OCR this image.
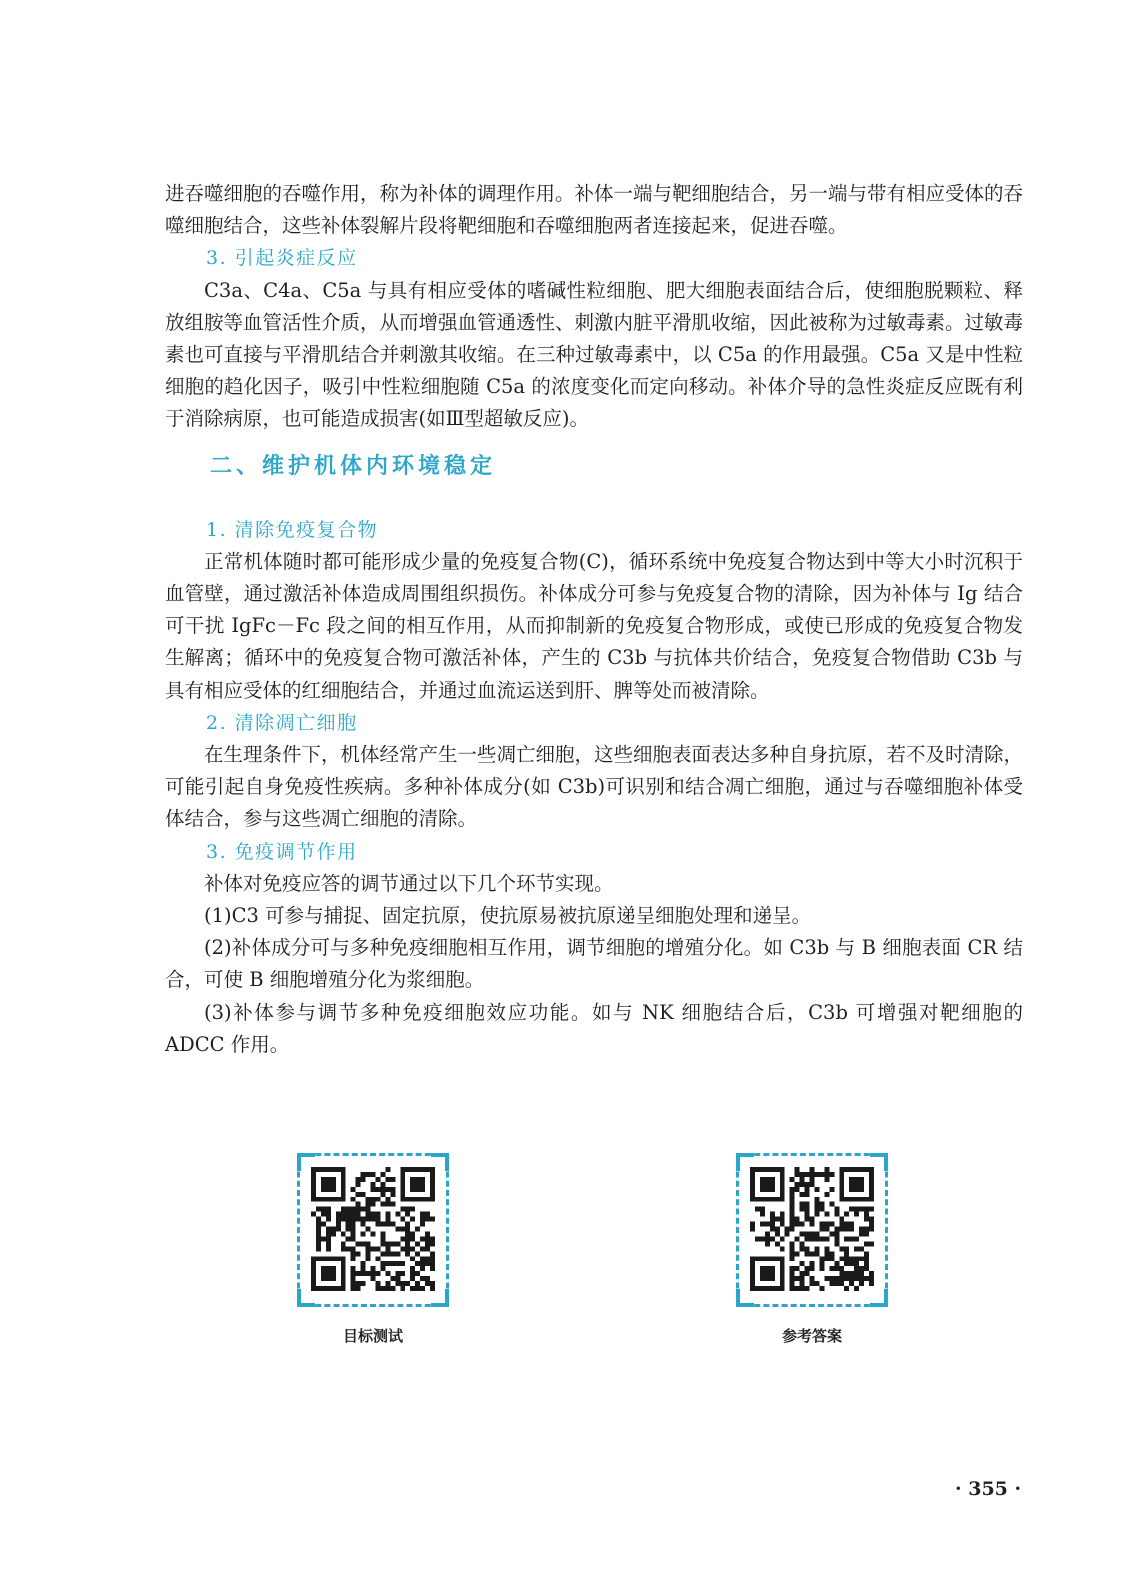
进吞噬细胞的吞噬作用，称为补体的调理作用。补体一端与靶细胞结合，另一端与带有相应受体的吞噬细胞结合，这些补体裂解片段将靶细胞和吞噬细胞两者连接起来，促进吞噬。

3. 引起炎症反应

C3a、C4a、C5a 与具有相应受体的嗜碱性粒细胞、肥大细胞表面结合后，使细胞脱颗粒、释放组胺等血管活性介质，从而增强血管通透性、刺激内脏平滑肌收缩，因此被称为过敏毒素。过敏毒素也可直接与平滑肌结合并刺激其收缩。在三种过敏毒素中，以 C5a 的作用最强。C5a 又是中性粒细胞的趋化因子，吸引中性粒细胞随 C5a 的浓度变化而定向移动。补体介导的急性炎症反应既有利于消除病原，也可能造成损害(如Ⅲ型超敏反应)。

二、维护机体内环境稳定

1. 清除免疫复合物

正常机体随时都可能形成少量的免疫复合物(C)，循环系统中免疫复合物达到中等大小时沉积于血管壁，通过激活补体造成周围组织损伤。补体成分可参与免疫复合物的清除，因为补体与 Ig 结合可干扰 IgFc－Fc 段之间的相互作用，从而抑制新的免疫复合物形成，或使已形成的免疫复合物发生解离；循环中的免疫复合物可激活补体，产生的 C3b 与抗体共价结合，免疫复合物借助 C3b 与具有相应受体的红细胞结合，并通过血流运送到肝、脾等处而被清除。

2. 清除凋亡细胞

在生理条件下，机体经常产生一些凋亡细胞，这些细胞表面表达多种自身抗原，若不及时清除，可能引起自身免疫性疾病。多种补体成分(如 C3b)可识别和结合凋亡细胞，通过与吞噬细胞补体受体结合，参与这些凋亡细胞的清除。

3. 免疫调节作用

补体对免疫应答的调节通过以下几个环节实现。

(1)C3 可参与捕捉、固定抗原，使抗原易被抗原递呈细胞处理和递呈。

(2)补体成分可与多种免疫细胞相互作用，调节细胞的增殖分化。如 C3b 与 B 细胞表面 CR 结合，可使 B 细胞增殖分化为浆细胞。

(3)补体参与调节多种免疫细胞效应功能。如与 NK 细胞结合后，C3b 可增强对靶细胞的 ADCC 作用。

目标测试	参考答案
· 355 ·
